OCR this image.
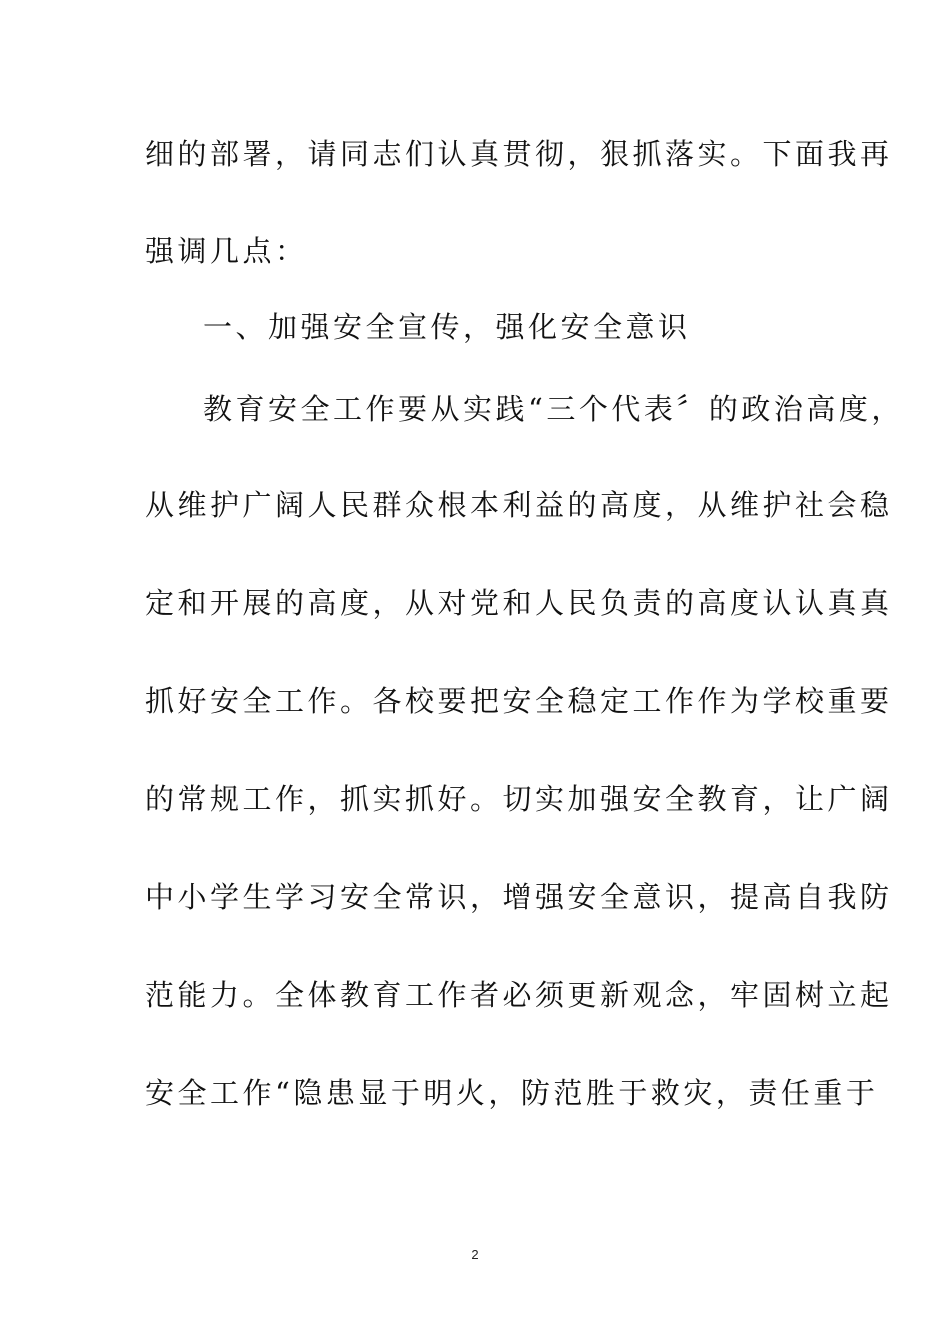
细的部署，请同志们认真贯彻，狠抓落实。下面我再
强调几点：
一、加强安全宣传，强化安全意识
教育安全工作要从实践“三个代表〞的政治高度，
从维护广阔人民群众根本利益的高度，从维护社会稳
定和开展的高度，从对党和人民负责的高度认认真真
抓好安全工作。各校要把安全稳定工作作为学校重要
的常规工作，抓实抓好。切实加强安全教育，让广阔
中小学生学习安全常识，增强安全意识，提高自我防
范能力。全体教育工作者必须更新观念，牢固树立起
安全工作“隐患显于明火，防范胜于救灾，责任重于
2
